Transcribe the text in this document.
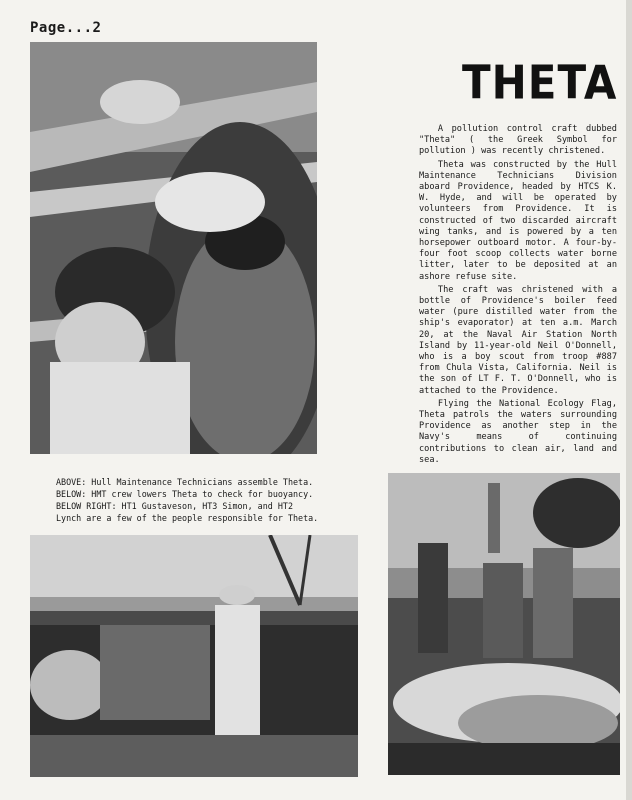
Page...2
THETA

A pollution control craft dubbed "Theta" ( the Greek Symbol for pollution ) was recently christened.

Theta was constructed by the Hull Maintenance Technicians Division aboard Providence, headed by HTCS K. W. Hyde, and will be operated by volunteers from Providence. It is constructed of two discarded aircraft wing tanks, and is powered by a ten horsepower outboard motor. A four-by-four foot scoop collects water borne litter, later to be deposited at an ashore refuse site.

The craft was christened with a bottle of Providence's boiler feed water (pure distilled water from the ship's evaporator) at ten a.m. March 20, at the Naval Air Station North Island by 11-year-old Neil O'Donnell, who is a boy scout from troop #887 from Chula Vista, California. Neil is the son of LT F. T. O'Donnell, who is attached to the Providence.

Flying the National Ecology Flag, Theta patrols the waters surrounding Providence as another step in the Navy's means of continuing contributions to clean air, land and sea.

ABOVE: Hull Maintenance Technicians assemble Theta.
BELOW: HMT crew lowers Theta to check for buoyancy.
BELOW RIGHT: HT1 Gustaveson, HT3 Simon, and HT2
Lynch are a few of the people responsible for Theta.
